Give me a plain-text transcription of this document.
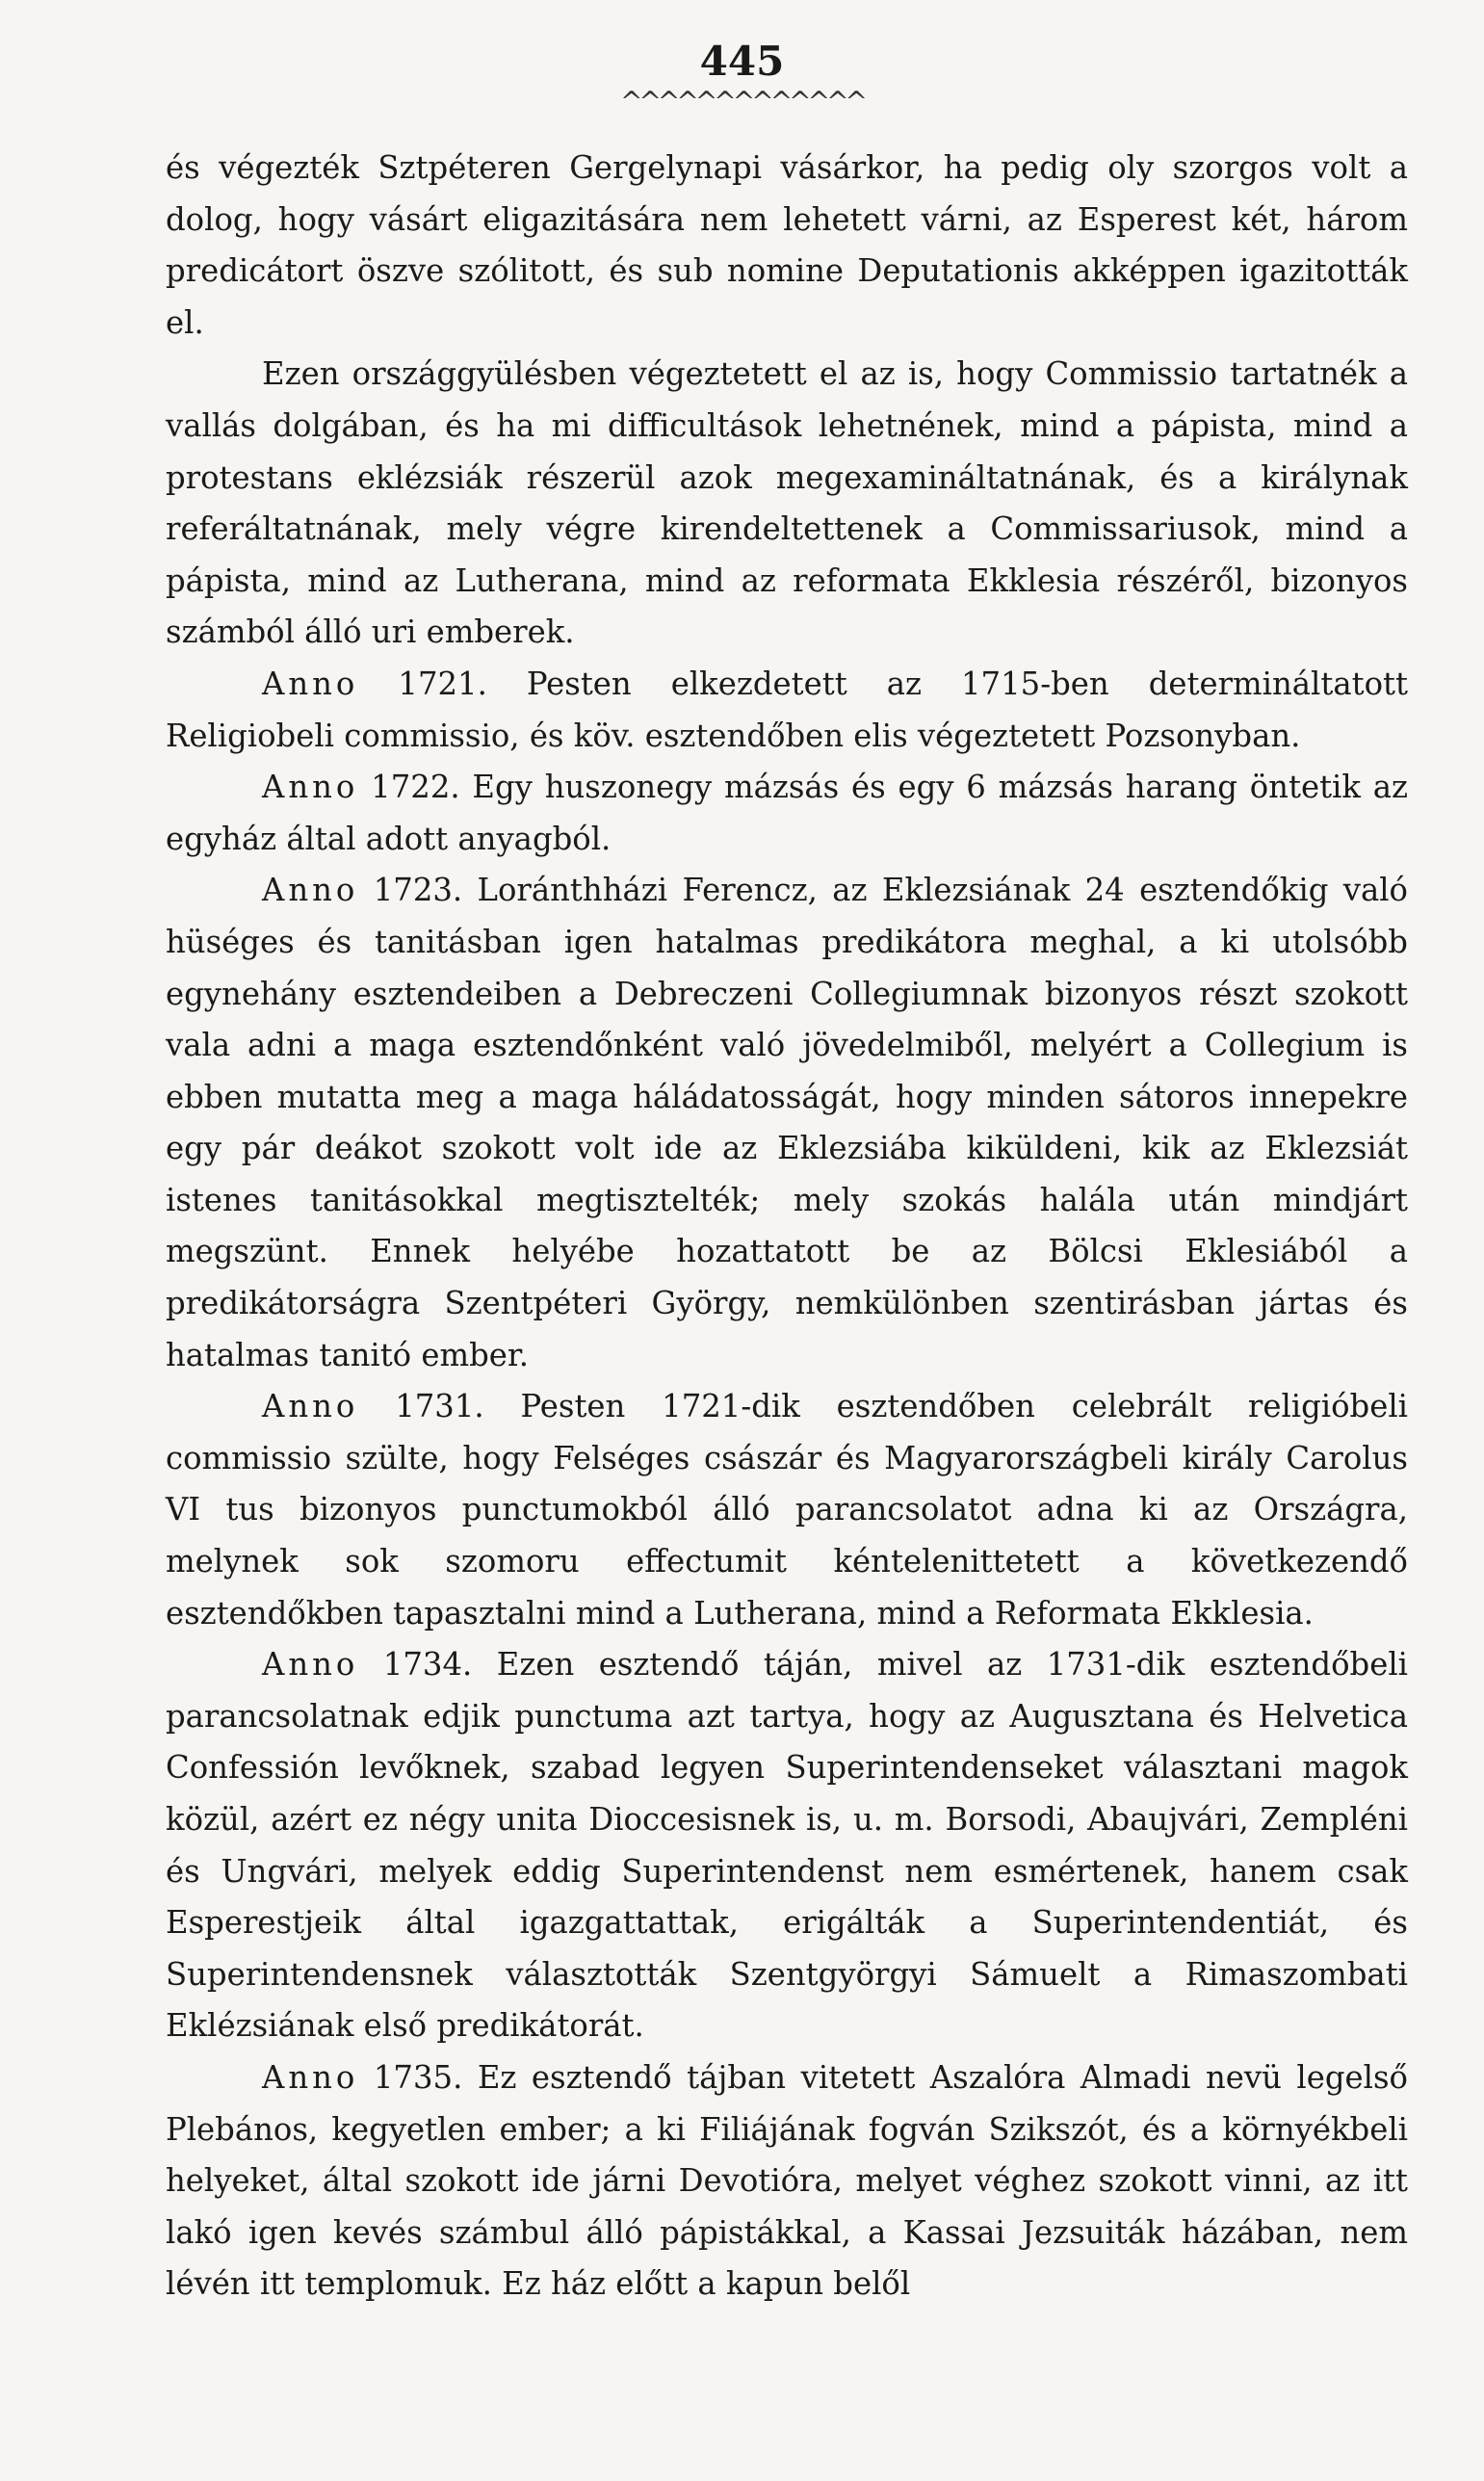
445
^^^^^^^^^^^^^

és végezték Sztpéteren Gergelynapi vásárkor, ha pedig oly szorgos volt a dolog, hogy vásárt eligazitására nem lehetett várni, az Esperest két, három predicátort öszve szólitott, és sub nomine Deputationis akképpen igazitották el.

Ezen országgyülésben végeztetett el az is, hogy Commissio tartatnék a vallás dolgában, és ha mi difficultások lehetnének, mind a pápista, mind a protestans eklézsiák részerül azok megexamináltatnának, és a királynak referáltatnának, mely végre kirendeltettenek a Commissariusok, mind a pápista, mind az Lutherana, mind az reformata Ekklesia részéről, bizonyos számból álló uri emberek.

Anno 1721. Pesten elkezdetett az 1715-ben determináltatott Religiobeli commissio, és köv. esztendőben elis végeztetett Pozsonyban.

Anno 1722. Egy huszonegy mázsás és egy 6 mázsás harang öntetik az egyház által adott anyagból.

Anno 1723. Loránthházi Ferencz, az Eklezsiának 24 esztendőkig való hüséges és tanitásban igen hatalmas predikátora meghal, a ki utolsóbb egynehány esztendeiben a Debreczeni Collegiumnak bizonyos részt szokott vala adni a maga esztendőnként való jövedelmiből, melyért a Collegium is ebben mutatta meg a maga háládatosságát, hogy minden sátoros innepekre egy pár deákot szokott volt ide az Eklezsiába kiküldeni, kik az Eklezsiát istenes tanitásokkal megtisztelték; mely szokás halála után mindjárt megszünt. Ennek helyébe hozattatott be az Bölcsi Eklesiából a predikátorságra Szentpéteri György, nemkülönben szentirásban jártas és hatalmas tanitó ember.

Anno 1731. Pesten 1721-dik esztendőben celebrált religióbeli commissio szülte, hogy Felséges császár és Magyarországbeli király Carolus VI tus bizonyos punctumokból álló parancsolatot adna ki az Országra, melynek sok szomoru effectumit kéntelenittetett a következendő esztendőkben tapasztalni mind a Lutherana, mind a Reformata Ekklesia.

Anno 1734. Ezen esztendő táján, mivel az 1731-dik esztendőbeli parancsolatnak edjik punctuma azt tartya, hogy az Augusztana és Helvetica Confessión levőknek, szabad legyen Superintendenseket választani magok közül, azért ez négy unita Dioccesisnek is, u. m. Borsodi, Abaujvári, Zempléni és Ungvári, melyek eddig Superintendenst nem esmértenek, hanem csak Esperestjeik által igazgattattak, erigálták a Superintendentiát, és Superintendensnek választották Szentgyörgyi Sámuelt a Rimaszombati Eklézsiának első predikátorát.

Anno 1735. Ez esztendő tájban vitetett Aszalóra Almadi nevü legelső Plebános, kegyetlen ember; a ki Filiájának fogván Szikszót, és a környékbeli helyeket, által szokott ide járni Devotióra, melyet véghez szokott vinni, az itt lakó igen kevés számbul álló pápistákkal, a Kassai Jezsuiták házában, nem lévén itt templomuk. Ez ház előtt a kapun belől
